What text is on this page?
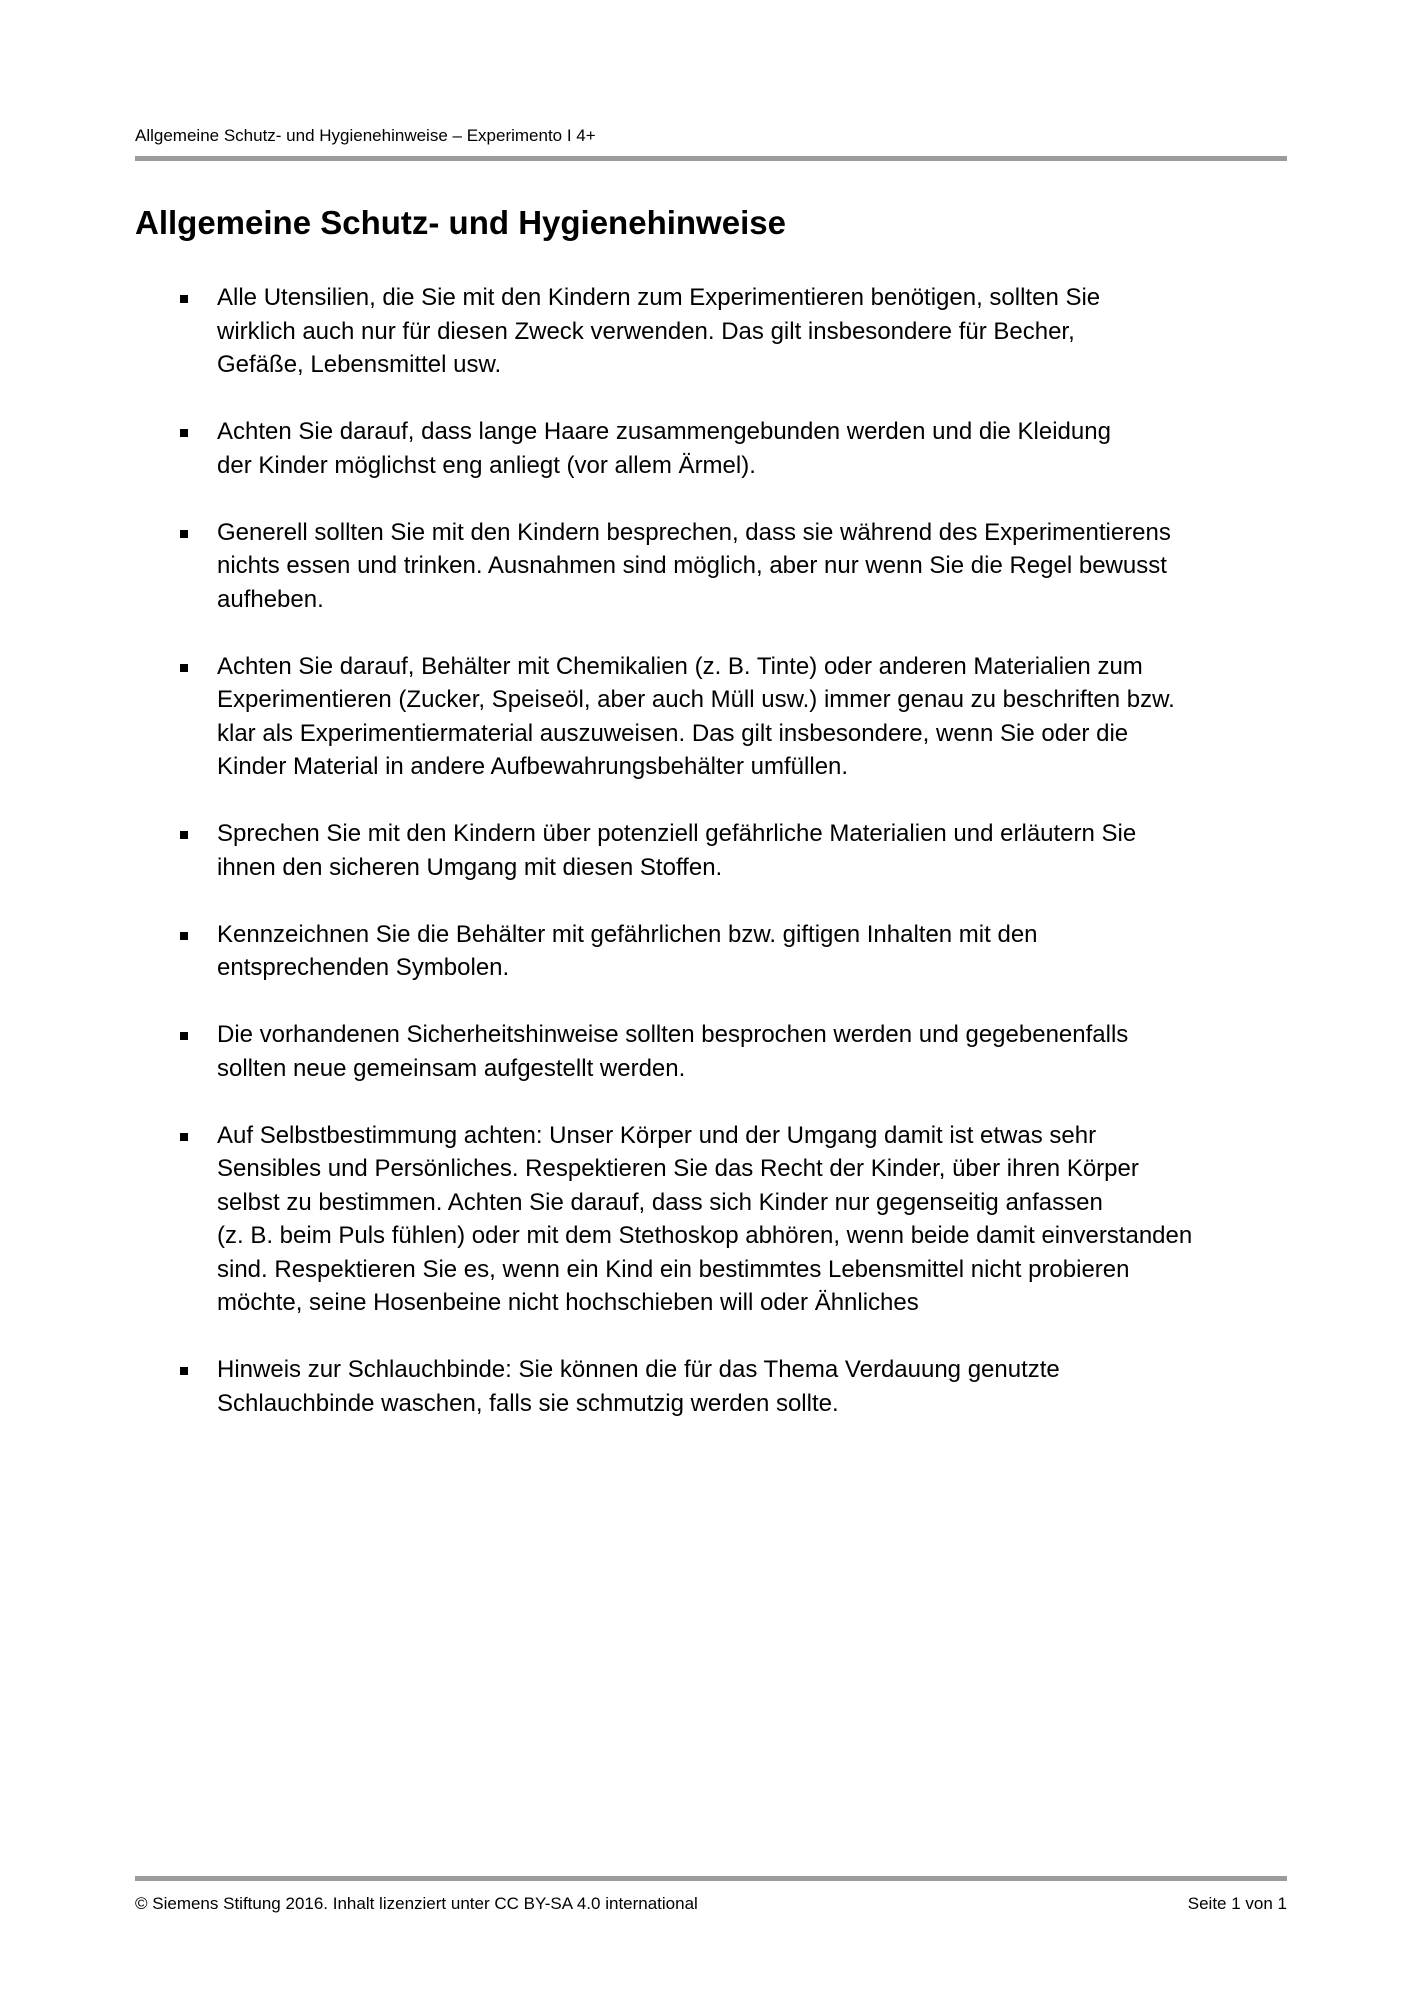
Allgemeine Schutz- und Hygienehinweise – Experimento I 4+
Allgemeine Schutz- und Hygienehinweise
Alle Utensilien, die Sie mit den Kindern zum Experimentieren benötigen, sollten Sie
wirklich auch nur für diesen Zweck verwenden. Das gilt insbesondere für Becher,
Gefäße, Lebensmittel usw.
Achten Sie darauf, dass lange Haare zusammengebunden werden und die Kleidung
der Kinder möglichst eng anliegt (vor allem Ärmel).
Generell sollten Sie mit den Kindern besprechen, dass sie während des Experimentierens
nichts essen und trinken. Ausnahmen sind möglich, aber nur wenn Sie die Regel bewusst
aufheben.
Achten Sie darauf, Behälter mit Chemikalien (z. B. Tinte) oder anderen Materialien zum
Experimentieren (Zucker, Speiseöl, aber auch Müll usw.) immer genau zu beschriften bzw.
klar als Experimentiermaterial auszuweisen. Das gilt insbesondere, wenn Sie oder die
Kinder Material in andere Aufbewahrungsbehälter umfüllen.
Sprechen Sie mit den Kindern über potenziell gefährliche Materialien und erläutern Sie
ihnen den sicheren Umgang mit diesen Stoffen.
Kennzeichnen Sie die Behälter mit gefährlichen bzw. giftigen Inhalten mit den
entsprechenden Symbolen.
Die vorhandenen Sicherheitshinweise sollten besprochen werden und gegebenenfalls
sollten neue gemeinsam aufgestellt werden.
Auf Selbstbestimmung achten: Unser Körper und der Umgang damit ist etwas sehr
Sensibles und Persönliches. Respektieren Sie das Recht der Kinder, über ihren Körper
selbst zu bestimmen. Achten Sie darauf, dass sich Kinder nur gegenseitig anfassen
(z. B. beim Puls fühlen) oder mit dem Stethoskop abhören, wenn beide damit einverstanden
sind. Respektieren Sie es, wenn ein Kind ein bestimmtes Lebensmittel nicht probieren
möchte, seine Hosenbeine nicht hochschieben will oder Ähnliches
Hinweis zur Schlauchbinde: Sie können die für das Thema Verdauung genutzte
Schlauchbinde waschen, falls sie schmutzig werden sollte.
© Siemens Stiftung 2016. Inhalt lizenziert unter CC BY-SA 4.0 international	Seite 1 von 1
